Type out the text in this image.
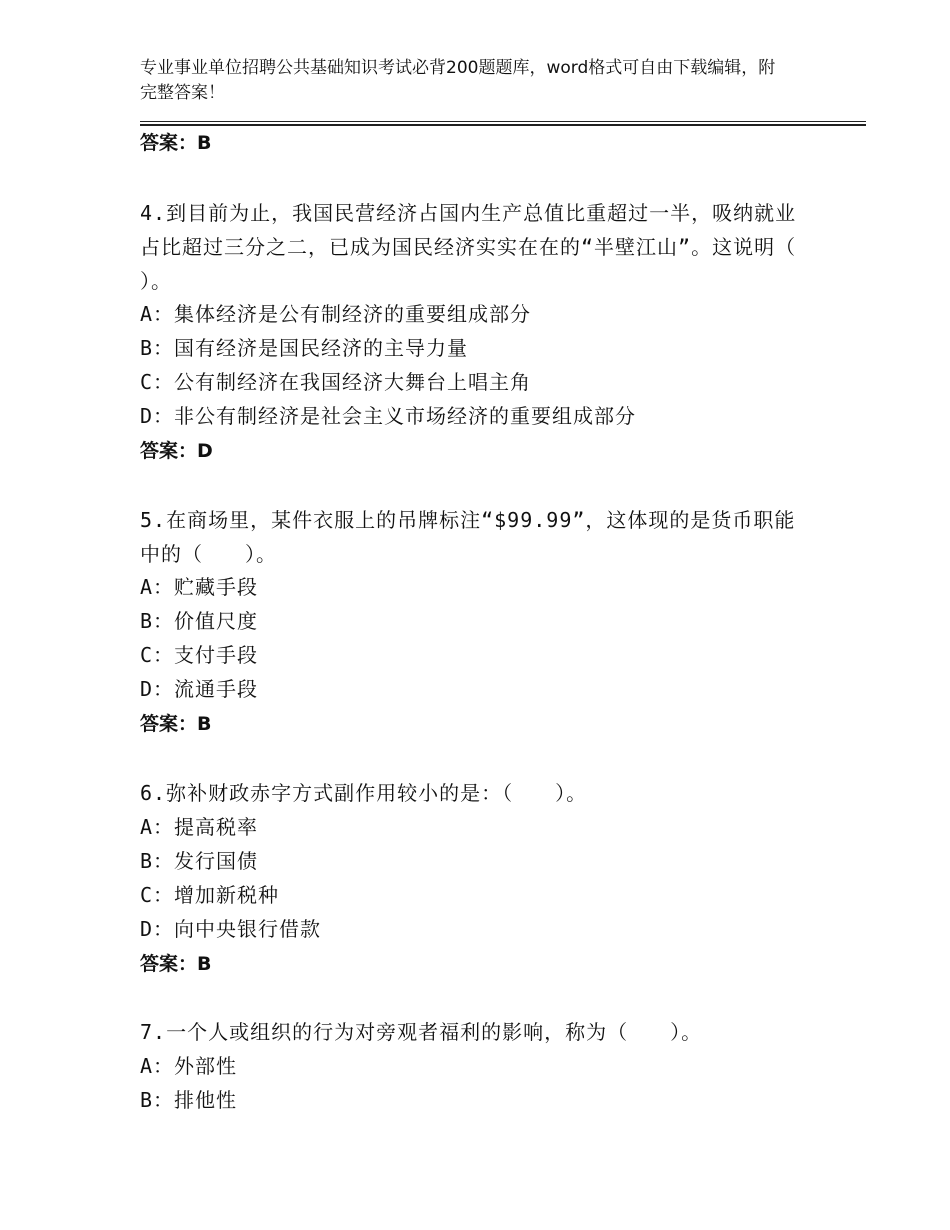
专业事业单位招聘公共基础知识考试必背200题题库，word格式可自由下载编辑，附完整答案！
答案：B
4.到目前为止，我国民营经济占国内生产总值比重超过一半，吸纳就业占比超过三分之二，已成为国民经济实实在在的“半壁江山”。这说明（　　）。
A：集体经济是公有制经济的重要组成部分
B：国有经济是国民经济的主导力量
C：公有制经济在我国经济大舞台上唱主角
D：非公有制经济是社会主义市场经济的重要组成部分
答案：D
5.在商场里，某件衣服上的吊牌标注“$99.99”，这体现的是货币职能中的（　　）。
A：贮藏手段
B：价值尺度
C：支付手段
D：流通手段
答案：B
6.弥补财政赤字方式副作用较小的是：（　　）。
A：提高税率
B：发行国债
C：增加新税种
D：向中央银行借款
答案：B
7.一个人或组织的行为对旁观者福利的影响，称为（　　）。
A：外部性
B：排他性
